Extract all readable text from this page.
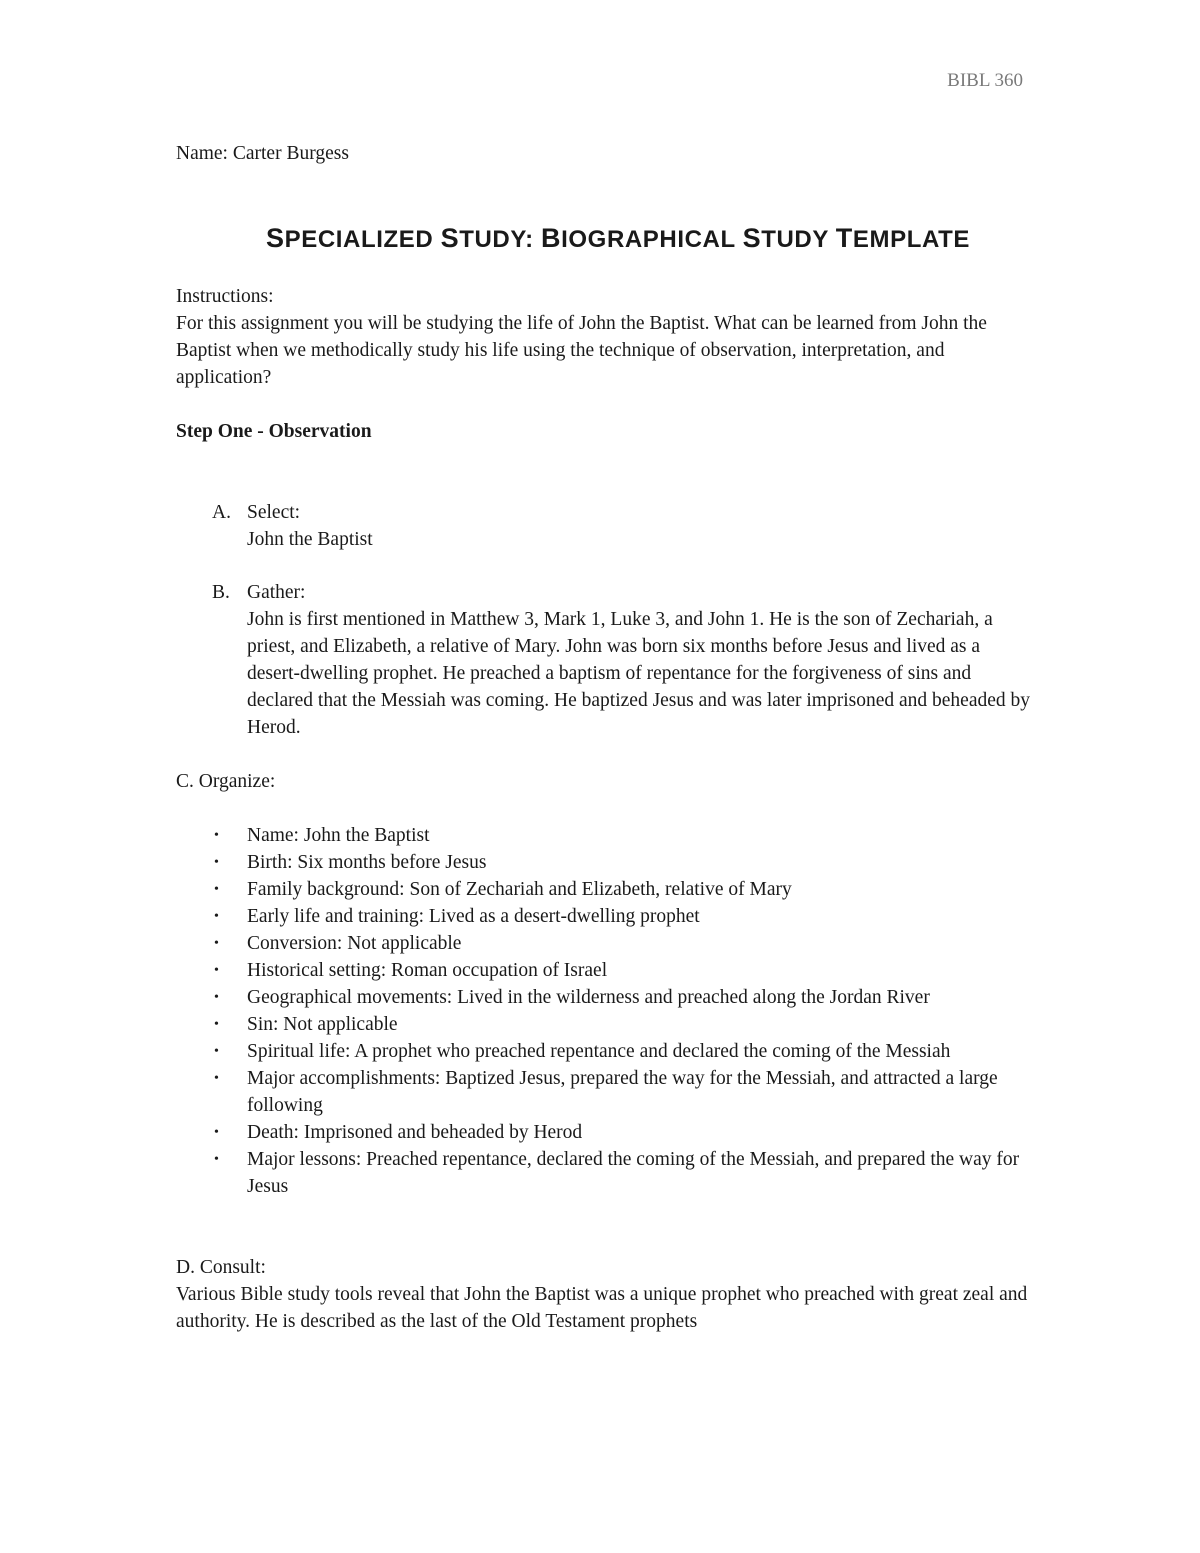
BIBL 360

Name: Carter Burgess

SPECIALIZED STUDY: BIOGRAPHICAL STUDY TEMPLATE

Instructions:

For this assignment you will be studying the life of John the Baptist. What can be learned from John the Baptist when we methodically study his life using the technique of observation, interpretation, and application?

Step One - Observation

A. Select:
John the Baptist
B. Gather:
John is first mentioned in Matthew 3, Mark 1, Luke 3, and John 1. He is the son of Zechariah, a priest, and Elizabeth, a relative of Mary. John was born six months before Jesus and lived as a desert-dwelling prophet. He preached a baptism of repentance for the forgiveness of sins and declared that the Messiah was coming. He baptized Jesus and was later imprisoned and beheaded by Herod.

C. Organize:

• Name: John the Baptist
• Birth: Six months before Jesus
• Family background: Son of Zechariah and Elizabeth, relative of Mary
• Early life and training: Lived as a desert-dwelling prophet
• Conversion: Not applicable
• Historical setting: Roman occupation of Israel
• Geographical movements: Lived in the wilderness and preached along the Jordan River
• Sin: Not applicable
• Spiritual life: A prophet who preached repentance and declared the coming of the Messiah
• Major accomplishments: Baptized Jesus, prepared the way for the Messiah, and attracted a large following
• Death: Imprisoned and beheaded by Herod
• Major lessons: Preached repentance, declared the coming of the Messiah, and prepared the way for Jesus

D. Consult:

Various Bible study tools reveal that John the Baptist was a unique prophet who preached with great zeal and authority. He is described as the last of the Old Testament prophets
